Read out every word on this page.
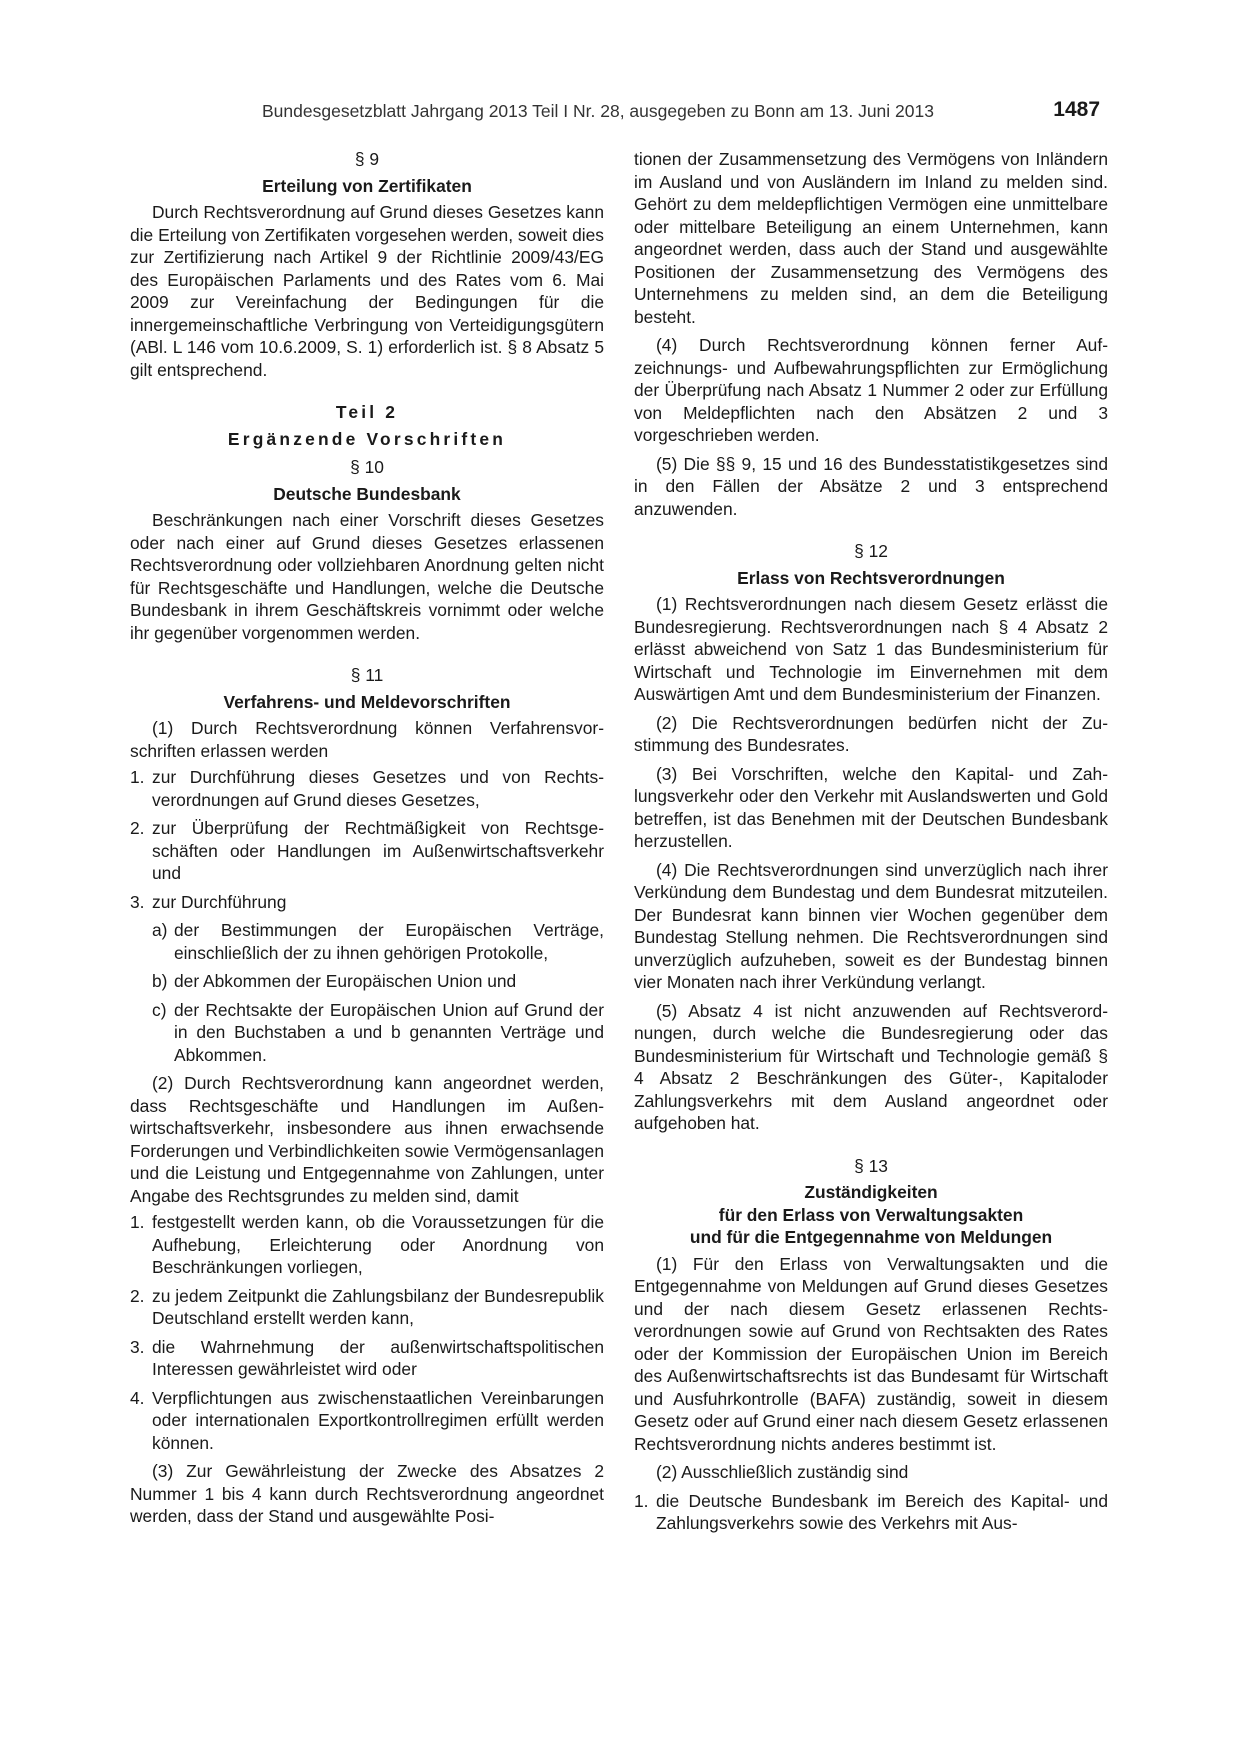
Bundesgesetzblatt Jahrgang 2013 Teil I Nr. 28, ausgegeben zu Bonn am 13. Juni 2013	1487

§ 9

Erteilung von Zertifikaten

Durch Rechtsverordnung auf Grund dieses Gesetzes kann die Erteilung von Zertifikaten vorgesehen werden, soweit dies zur Zertifizierung nach Artikel 9 der Richtlinie 2009/43/EG des Europäischen Parlaments und des Rates vom 6. Mai 2009 zur Vereinfachung der Bedingungen für die innergemeinschaftliche Verbringung von Verteidigungsgütern (ABl. L 146 vom 10.6.2009, S. 1) erforderlich ist. § 8 Absatz 5 gilt entsprechend.

Teil 2

Ergänzende Vorschriften

§ 10

Deutsche Bundesbank

Beschränkungen nach einer Vorschrift dieses Gesetzes oder nach einer auf Grund dieses Gesetzes erlassenen Rechtsverordnung oder vollziehbaren Anordnung gelten nicht für Rechtsgeschäfte und Handlungen, welche die Deutsche Bundesbank in ihrem Geschäftskreis vornimmt oder welche ihr gegenüber vorgenommen werden.

§ 11

Verfahrens- und Meldevorschriften

(1) Durch Rechtsverordnung können Verfahrensvorschriften erlassen werden

1. zur Durchführung dieses Gesetzes und von Rechtsverordnungen auf Grund dieses Gesetzes,
2. zur Überprüfung der Rechtmäßigkeit von Rechtsgeschäften oder Handlungen im Außenwirtschaftsverkehr und
3. zur Durchführung
a) der Bestimmungen der Europäischen Verträge, einschließlich der zu ihnen gehörigen Protokolle,
b) der Abkommen der Europäischen Union und
c) der Rechtsakte der Europäischen Union auf Grund der in den Buchstaben a und b genannten Verträge und Abkommen.

(2) Durch Rechtsverordnung kann angeordnet werden, dass Rechtsgeschäfte und Handlungen im Außenwirtschaftsverkehr, insbesondere aus ihnen erwachsende Forderungen und Verbindlichkeiten sowie Vermögensanlagen und die Leistung und Entgegennahme von Zahlungen, unter Angabe des Rechtsgrundes zu melden sind, damit

1. festgestellt werden kann, ob die Voraussetzungen für die Aufhebung, Erleichterung oder Anordnung von Beschränkungen vorliegen,
2. zu jedem Zeitpunkt die Zahlungsbilanz der Bundesrepublik Deutschland erstellt werden kann,
3. die Wahrnehmung der außenwirtschaftspolitischen Interessen gewährleistet wird oder
4. Verpflichtungen aus zwischenstaatlichen Vereinbarungen oder internationalen Exportkontrollregimen erfüllt werden können.

(3) Zur Gewährleistung der Zwecke des Absatzes 2 Nummer 1 bis 4 kann durch Rechtsverordnung angeordnet werden, dass der Stand und ausgewählte Posi-

tionen der Zusammensetzung des Vermögens von Inländern im Ausland und von Ausländern im Inland zu melden sind. Gehört zu dem meldepflichtigen Vermögen eine unmittelbare oder mittelbare Beteiligung an einem Unternehmen, kann angeordnet werden, dass auch der Stand und ausgewählte Positionen der Zusammensetzung des Vermögens des Unternehmens zu melden sind, an dem die Beteiligung besteht.

(4) Durch Rechtsverordnung können ferner Aufzeichnungs- und Aufbewahrungspflichten zur Ermöglichung der Überprüfung nach Absatz 1 Nummer 2 oder zur Erfüllung von Meldepflichten nach den Absätzen 2 und 3 vorgeschrieben werden.

(5) Die §§ 9, 15 und 16 des Bundesstatistikgesetzes sind in den Fällen der Absätze 2 und 3 entsprechend anzuwenden.

§ 12

Erlass von Rechtsverordnungen

(1) Rechtsverordnungen nach diesem Gesetz erlässt die Bundesregierung. Rechtsverordnungen nach § 4 Absatz 2 erlässt abweichend von Satz 1 das Bundesministerium für Wirtschaft und Technologie im Einvernehmen mit dem Auswärtigen Amt und dem Bundesministerium der Finanzen.

(2) Die Rechtsverordnungen bedürfen nicht der Zustimmung des Bundesrates.

(3) Bei Vorschriften, welche den Kapital- und Zahlungsverkehr oder den Verkehr mit Auslandswerten und Gold betreffen, ist das Benehmen mit der Deutschen Bundesbank herzustellen.

(4) Die Rechtsverordnungen sind unverzüglich nach ihrer Verkündung dem Bundestag und dem Bundesrat mitzuteilen. Der Bundesrat kann binnen vier Wochen gegenüber dem Bundestag Stellung nehmen. Die Rechtsverordnungen sind unverzüglich aufzuheben, soweit es der Bundestag binnen vier Monaten nach ihrer Verkündung verlangt.

(5) Absatz 4 ist nicht anzuwenden auf Rechtsverordnungen, durch welche die Bundesregierung oder das Bundesministerium für Wirtschaft und Technologie gemäß § 4 Absatz 2 Beschränkungen des Güter-, Kapitaloder Zahlungsverkehrs mit dem Ausland angeordnet oder aufgehoben hat.

§ 13

Zuständigkeiten

für den Erlass von Verwaltungsakten

und für die Entgegennahme von Meldungen

(1) Für den Erlass von Verwaltungsakten und die Entgegennahme von Meldungen auf Grund dieses Gesetzes und der nach diesem Gesetz erlassenen Rechtsverordnungen sowie auf Grund von Rechtsakten des Rates oder der Kommission der Europäischen Union im Bereich des Außenwirtschaftsrechts ist das Bundesamt für Wirtschaft und Ausfuhrkontrolle (BAFA) zuständig, soweit in diesem Gesetz oder auf Grund einer nach diesem Gesetz erlassenen Rechtsverordnung nichts anderes bestimmt ist.

(2) Ausschließlich zuständig sind

1. die Deutsche Bundesbank im Bereich des Kapital- und Zahlungsverkehrs sowie des Verkehrs mit Aus-
